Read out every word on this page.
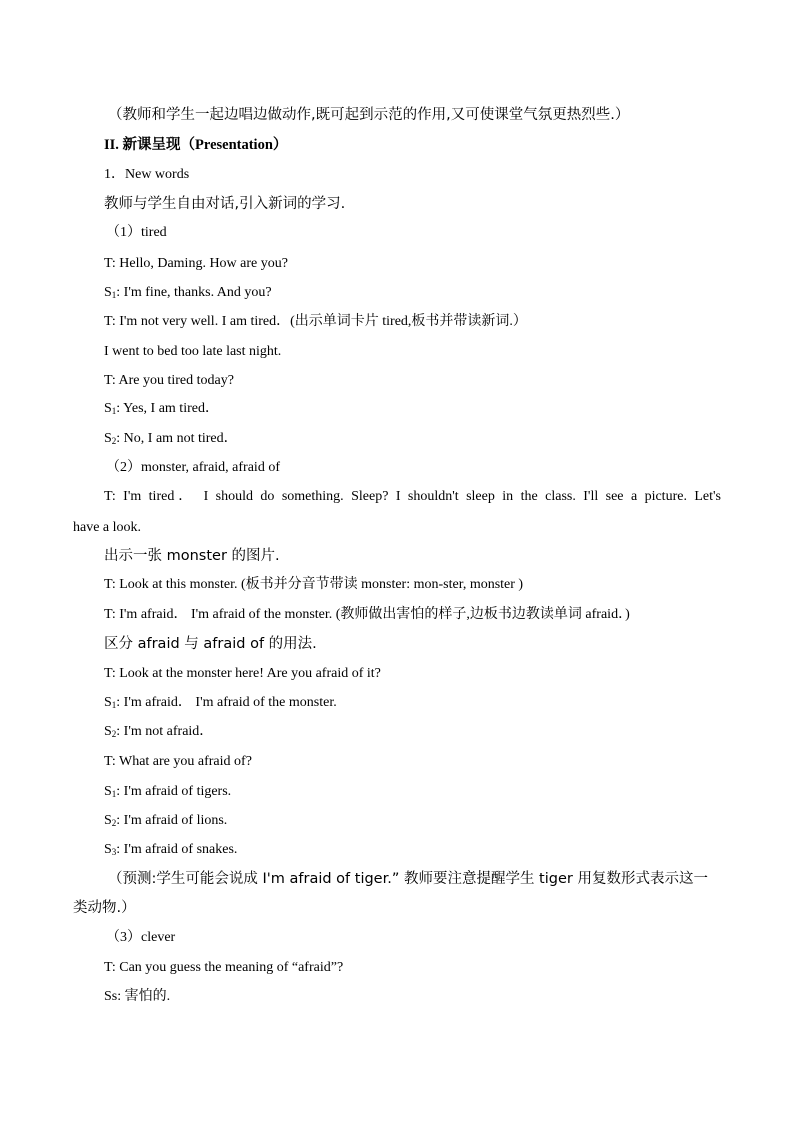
（教师和学生一起边唱边做动作,既可起到示范的作用,又可使课堂气氛更热烈些.）
II. 新课呈现（Presentation）
1．New words
教师与学生自由对话,引入新词的学习.
（1）tired
T: Hello, Daming. How are you?
$S_1$: I'm fine, thanks. And you?
T: I'm not very well. I am tired．(出示单词卡片 tired,板书并带读新词.）
I went to bed too late last night.
T: Are you tired today?
$S_1$: Yes, I am tired．
$S_2$: No, I am not tired．
（2）monster, afraid, afraid of
T: I'm tired． I should do something. Sleep? I shouldn't sleep in the class. I'll see a picture. Let's
have a look.
出示一张 monster 的图片.
T: Look at this monster. (板书并分音节带读 monster: mon-ster, monster )
T: I'm afraid． I'm afraid of the monster. (教师做出害怕的样子,边板书边教读单词 afraid．)
区分 afraid 与 afraid of 的用法.
T: Look at the monster here! Are you afraid of it?
$S_1$: I'm afraid． I'm afraid of the monster.
$S_2$: I'm not afraid．
T: What are you afraid of?
$S_1$: I'm afraid of tigers.
$S_2$: I'm afraid of lions.
$S_3$: I'm afraid of snakes.
（预测:学生可能会说成 I'm afraid of tiger.” 教师要注意提醒学生 tiger 用复数形式表示这一
类动物.）
（3）clever
T: Can you guess the meaning of “afraid”?
Ss: 害怕的.
